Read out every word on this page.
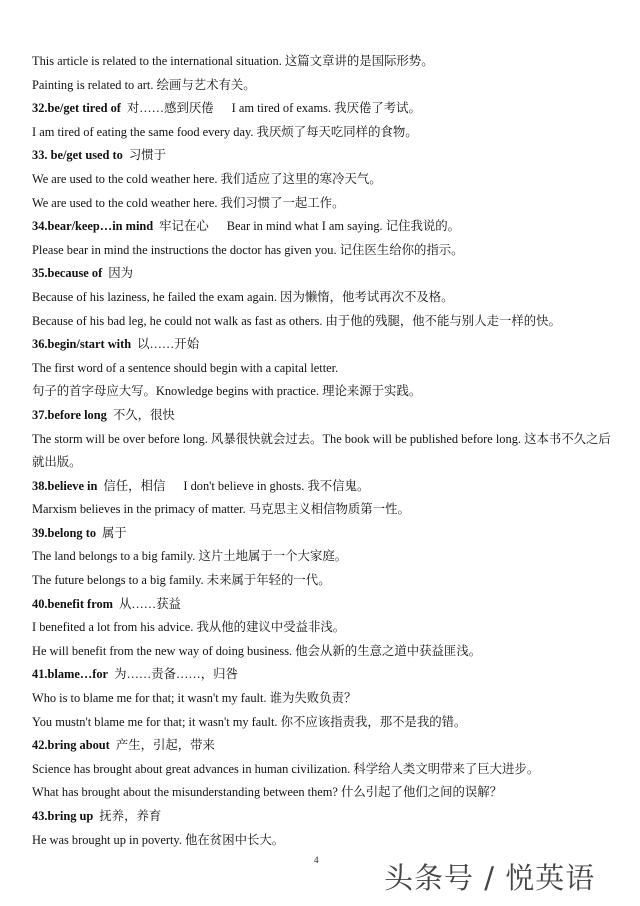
This article is related to the international situation. 这篇文章讲的是国际形势。
Painting is related to art. 绘画与艺术有关。
32.be/get tired of 对……感到厌倦 I am tired of exams. 我厌倦了考试。
I am tired of eating the same food every day. 我厌烦了每天吃同样的食物。
33. be/get used to 习惯于
We are used to the cold weather here. 我们适应了这里的寒冷天气。
We are used to the cold weather here. 我们习惯了一起工作。
34.bear/keep…in mind 牢记在心 Bear in mind what I am saying. 记住我说的。
Please bear in mind the instructions the doctor has given you. 记住医生给你的指示。
35.because of 因为
Because of his laziness, he failed the exam again. 因为懒惰，他考试再次不及格。
Because of his bad leg, he could not walk as fast as others. 由于他的残腿，他不能与别人走一样的快。
36.begin/start with 以……开始
The first word of a sentence should begin with a capital letter.
句子的首字母应大写。Knowledge begins with practice. 理论来源于实践。
37.before long 不久，很快
The storm will be over before long. 风暴很快就会过去。The book will be published before long. 这本书不久之后就出版。
38.believe in 信任，相信 I don't believe in ghosts. 我不信鬼。
Marxism believes in the primacy of matter. 马克思主义相信物质第一性。
39.belong to 属于
The land belongs to a big family. 这片土地属于一个大家庭。
The future belongs to a big family. 未来属于年轻的一代。
40.benefit from 从……获益
I benefited a lot from his advice. 我从他的建议中受益非浅。
He will benefit from the new way of doing business. 他会从新的生意之道中获益匪浅。
41.blame…for 为……责备……，归咎
Who is to blame me for that; it wasn't my fault. 谁为失败负责？
You mustn't blame me for that; it wasn't my fault. 你不应该指责我，那不是我的错。
42.bring about 产生，引起，带来
Science has brought about great advances in human civilization. 科学给人类文明带来了巨大进步。
What has brought about the misunderstanding between them? 什么引起了他们之间的误解？
43.bring up 抚养，养育
He was brought up in poverty. 他在贫困中长大。
4
头条号 / 悦英语
